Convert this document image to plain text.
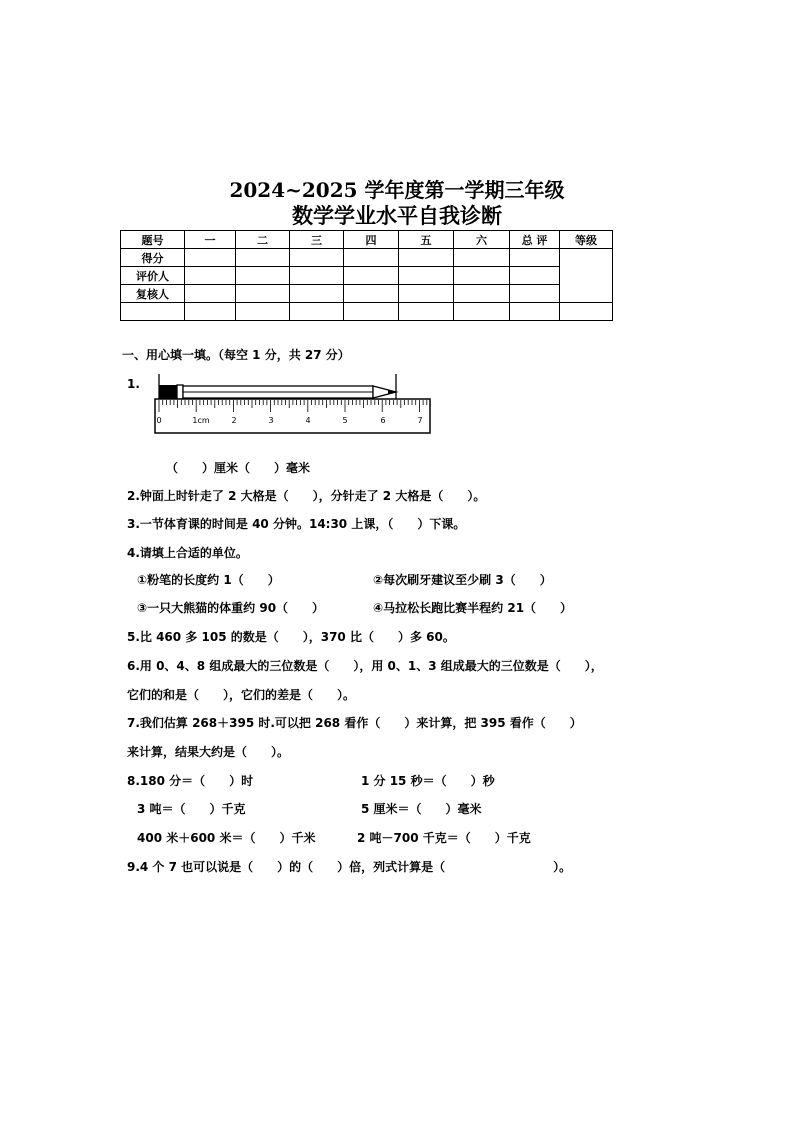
2024~2025 学年度第一学期三年级
数学学业水平自我诊断
题号	一	二	三	四	五	六	总 评	等级
得分								
评价人								
复核人								

一、用心填一填。（每空 1 分，共 27 分）
1.
0	1cm	2	3	4	5	6	7
（　　）厘米（　　）毫米
2.钟面上时针走了 2 大格是（　　），分针走了 2 大格是（　　）。
3.一节体育课的时间是 40 分钟。14:30 上课，（　　）下课。
4.请填上合适的单位。
①粉笔的长度约 1（　　）	②每次刷牙建议至少刷 3（　　）
③一只大熊猫的体重约 90（　　）	④马拉松长跑比赛半程约 21（　　）
5.比 460 多 105 的数是（　　），370 比（　　）多 60。
6.用 0、4、8 组成最大的三位数是（　　），用 0、1、3 组成最大的三位数是（　　），
它们的和是（　　），它们的差是（　　）。
7.我们估算 268＋395 时.可以把 268 看作（　　）来计算，把 395 看作（　　）
来计算，结果大约是（　　）。
8.180 分＝（　　）时	1 分 15 秒＝（　　）秒
3 吨＝（　　）千克	5 厘米＝（　　）毫米
400 米＋600 米＝（　　）千米	2 吨－700 千克＝（　　）千克
9.4 个 7 也可以说是（　　）的（　　）倍，列式计算是（　　　　　　　　　）。
